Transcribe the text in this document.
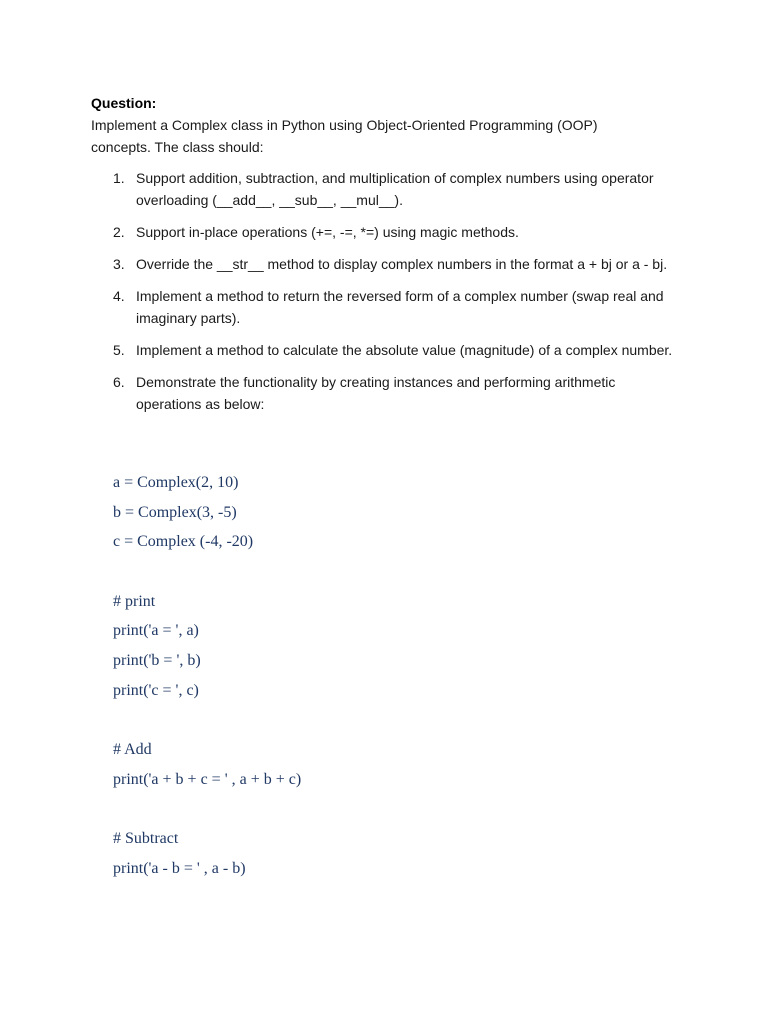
Question:
Implement a Complex class in Python using Object-Oriented Programming (OOP) concepts. The class should:
1. Support addition, subtraction, and multiplication of complex numbers using operator overloading (__add__, __sub__, __mul__).
2. Support in-place operations (+=, -=, *=) using magic methods.
3. Override the __str__ method to display complex numbers in the format a + bj or a - bj.
4. Implement a method to return the reversed form of a complex number (swap real and imaginary parts).
5. Implement a method to calculate the absolute value (magnitude) of a complex number.
6. Demonstrate the functionality by creating instances and performing arithmetic operations as below:
a = Complex(2, 10)
b = Complex(3, -5)
c = Complex (-4, -20)
# print
print('a = ', a)
print('b = ', b)
print('c = ', c)
# Add
print('a + b + c = ' , a + b + c)
# Subtract
print('a - b = ' , a - b)
